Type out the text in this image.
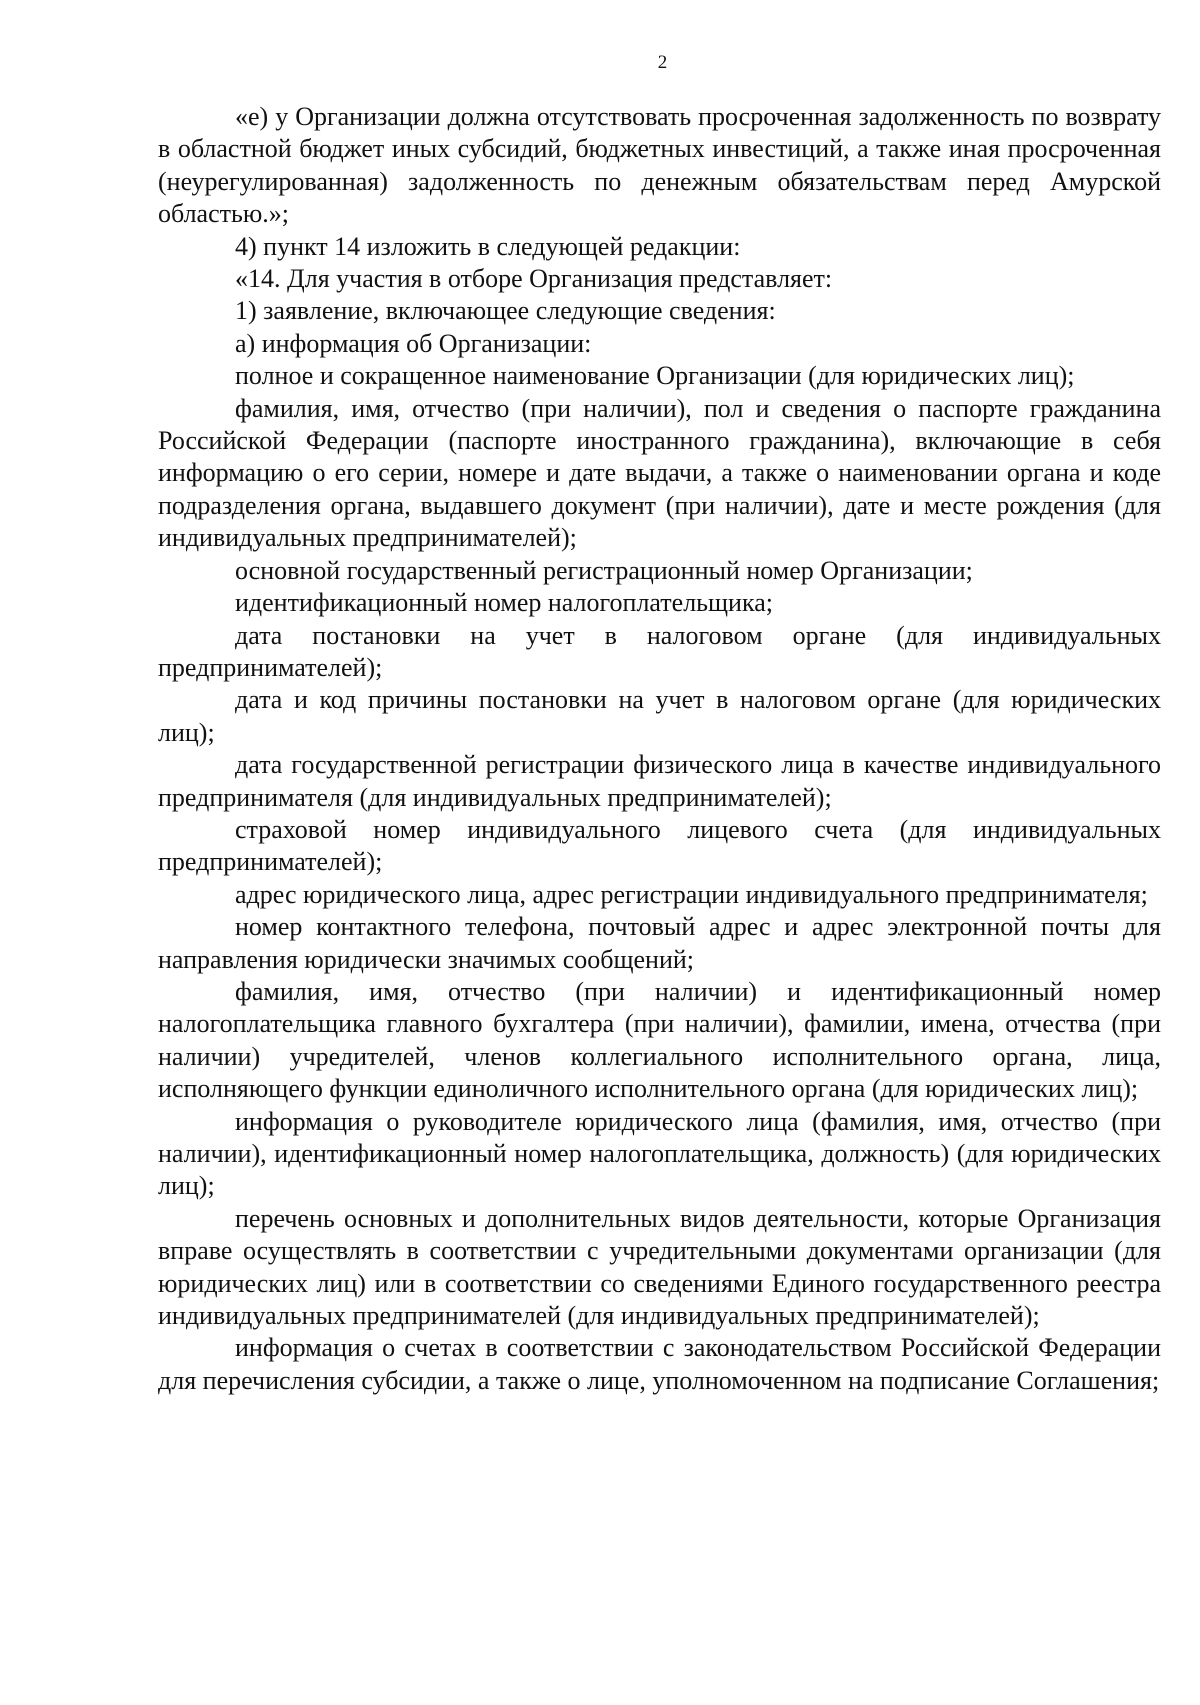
2

«е) у Организации должна отсутствовать просроченная задолженность по возврату в областной бюджет иных субсидий, бюджетных инвестиций, а также иная просроченная (неурегулированная) задолженность по денежным обязательствам перед Амурской областью.»;

4) пункт 14 изложить в следующей редакции:

«14. Для участия в отборе Организация представляет:

1) заявление, включающее следующие сведения:

а) информация об Организации:

полное и сокращенное наименование Организации (для юридических лиц);

фамилия, имя, отчество (при наличии), пол и сведения о паспорте гражданина Российской Федерации (паспорте иностранного гражданина), включающие в себя информацию о его серии, номере и дате выдачи, а также о наименовании органа и коде подразделения органа, выдавшего документ (при наличии), дате и месте рождения (для индивидуальных предпринимателей);

основной государственный регистрационный номер Организации;

идентификационный номер налогоплательщика;

дата постановки на учет в налоговом органе (для индивидуальных предпринимателей);

дата и код причины постановки на учет в налоговом органе (для юридических лиц);

дата государственной регистрации физического лица в качестве индивидуального предпринимателя (для индивидуальных предпринимателей);

страховой номер индивидуального лицевого счета (для индивидуальных предпринимателей);

адрес юридического лица, адрес регистрации индивидуального предпринимателя;

номер контактного телефона, почтовый адрес и адрес электронной почты для направления юридически значимых сообщений;

фамилия, имя, отчество (при наличии) и идентификационный номер налогоплательщика главного бухгалтера (при наличии), фамилии, имена, отчества (при наличии) учредителей, членов коллегиального исполнительного органа, лица, исполняющего функции единоличного исполнительного органа (для юридических лиц);

информация о руководителе юридического лица (фамилия, имя, отчество (при наличии), идентификационный номер налогоплательщика, должность) (для юридических лиц);

перечень основных и дополнительных видов деятельности, которые Организация вправе осуществлять в соответствии с учредительными документами организации (для юридических лиц) или в соответствии со сведениями Единого государственного реестра индивидуальных предпринимателей (для индивидуальных предпринимателей);

информация о счетах в соответствии с законодательством Российской Федерации для перечисления субсидии, а также о лице, уполномоченном на подписание Соглашения;
